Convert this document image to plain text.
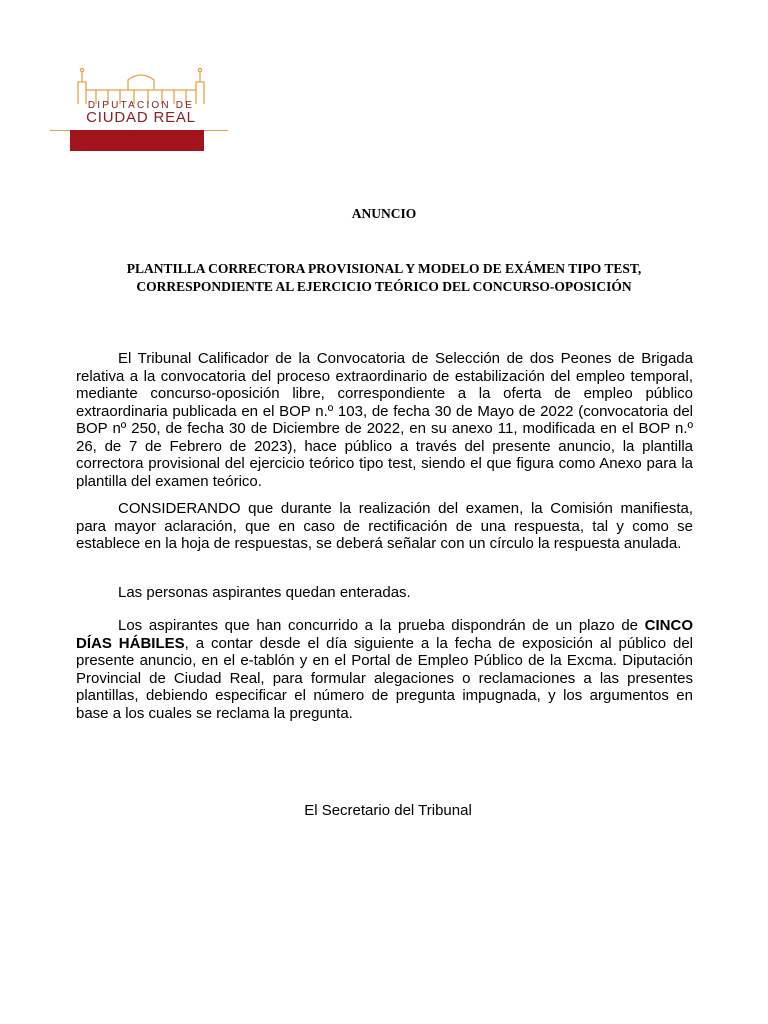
DIPUTACION DE
CIUDAD REAL
ANUNCIO
PLANTILLA CORRECTORA PROVISIONAL Y MODELO DE EXÁMEN TIPO TEST,
CORRESPONDIENTE AL EJERCICIO TEÓRICO DEL CONCURSO-OPOSICIÓN

El Tribunal Calificador de la Convocatoria de Selección de dos Peones de Brigada relativa a la convocatoria del proceso extraordinario de estabilización del empleo temporal, mediante concurso-oposición libre, correspondiente a la oferta de empleo público extraordinaria publicada en el BOP n.º 103, de fecha 30 de Mayo de 2022 (convocatoria del BOP nº 250, de fecha 30 de Diciembre de 2022, en su anexo 11, modificada en el BOP n.º 26, de 7 de Febrero de 2023), hace público a través del presente anuncio, la plantilla correctora provisional del ejercicio teórico tipo test, siendo el que figura como Anexo para la plantilla del examen teórico.

CONSIDERANDO que durante la realización del examen, la Comisión manifiesta, para mayor aclaración, que en caso de rectificación de una respuesta, tal y como se establece en la hoja de respuestas, se deberá señalar con un círculo la respuesta anulada.

Las personas aspirantes quedan enteradas.

Los aspirantes que han concurrido a la prueba dispondrán de un plazo de CINCO DÍAS HÁBILES, a contar desde el día siguiente a la fecha de exposición al público del presente anuncio, en el e-tablón y en el Portal de Empleo Público de la Excma. Diputación Provincial de Ciudad Real, para formular alegaciones o reclamaciones a las presentes plantillas, debiendo especificar el número de pregunta impugnada, y los argumentos en base a los cuales se reclama la pregunta.

El Secretario del Tribunal
